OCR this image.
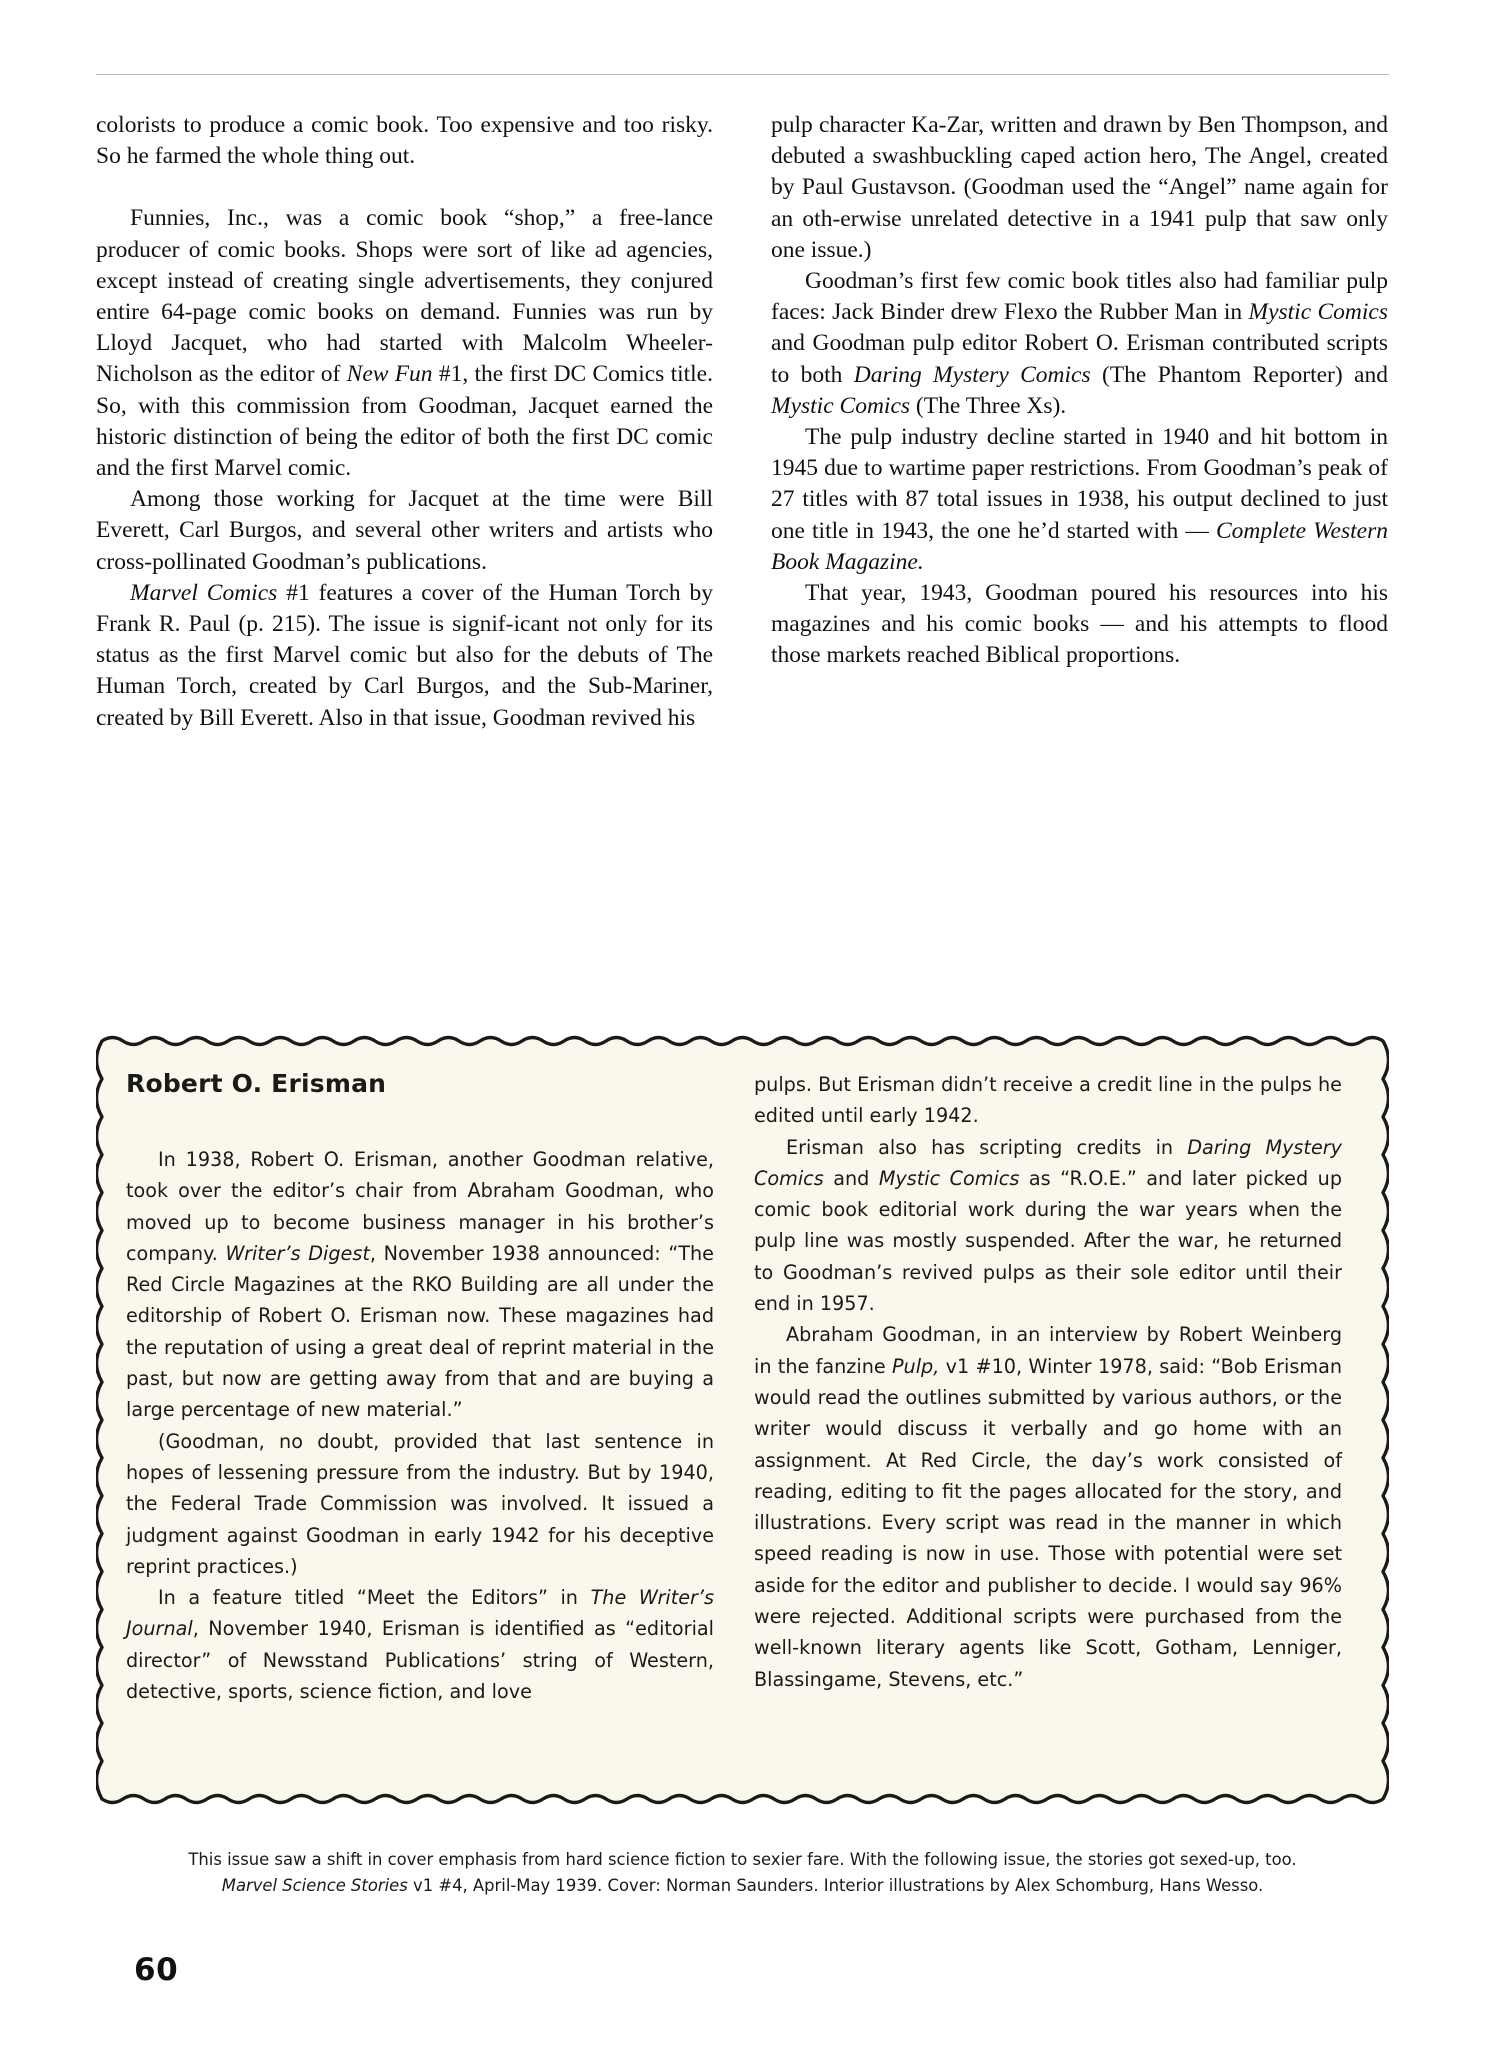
colorists to produce a comic book. Too expensive and too risky. So he farmed the whole thing out.

Funnies, Inc., was a comic book “shop,” a free-lance producer of comic books. Shops were sort of like ad agencies, except instead of creating single advertisements, they conjured entire 64-page comic books on demand. Funnies was run by Lloyd Jacquet, who had started with Malcolm Wheeler-Nicholson as the editor of New Fun #1, the first DC Comics title. So, with this commission from Goodman, Jacquet earned the historic distinction of being the editor of both the first DC comic and the first Marvel comic.

Among those working for Jacquet at the time were Bill Everett, Carl Burgos, and several other writers and artists who cross-pollinated Goodman’s publications.

Marvel Comics #1 features a cover of the Human Torch by Frank R. Paul (p. 215). The issue is signif-icant not only for its status as the first Marvel comic but also for the debuts of The Human Torch, created by Carl Burgos, and the Sub-Mariner, created by Bill Everett. Also in that issue, Goodman revived his

pulp character Ka-Zar, written and drawn by Ben Thompson, and debuted a swashbuckling caped action hero, The Angel, created by Paul Gustavson. (Goodman used the “Angel” name again for an oth-erwise unrelated detective in a 1941 pulp that saw only one issue.)

Goodman’s first few comic book titles also had familiar pulp faces: Jack Binder drew Flexo the Rubber Man in Mystic Comics and Goodman pulp editor Robert O. Erisman contributed scripts to both Daring Mystery Comics (The Phantom Reporter) and Mystic Comics (The Three Xs).

The pulp industry decline started in 1940 and hit bottom in 1945 due to wartime paper restrictions. From Goodman’s peak of 27 titles with 87 total issues in 1938, his output declined to just one title in 1943, the one he’d started with — Complete Western Book Magazine.

That year, 1943, Goodman poured his resources into his magazines and his comic books — and his attempts to flood those markets reached Biblical proportions.

Robert O. Erisman

In 1938, Robert O. Erisman, another Goodman relative, took over the editor’s chair from Abraham Goodman, who moved up to become business manager in his brother’s company. Writer’s Digest, November 1938 announced: “The Red Circle Magazines at the RKO Building are all under the editorship of Robert O. Erisman now. These magazines had the reputation of using a great deal of reprint material in the past, but now are getting away from that and are buying a large percentage of new material.”

(Goodman, no doubt, provided that last sentence in hopes of lessening pressure from the industry. But by 1940, the Federal Trade Commission was involved. It issued a judgment against Goodman in early 1942 for his deceptive reprint practices.)

In a feature titled “Meet the Editors” in The Writer’s Journal, November 1940, Erisman is identified as “editorial director” of Newsstand Publications’ string of Western, detective, sports, science fiction, and love

pulps. But Erisman didn’t receive a credit line in the pulps he edited until early 1942.

Erisman also has scripting credits in Daring Mystery Comics and Mystic Comics as “R.O.E.” and later picked up comic book editorial work during the war years when the pulp line was mostly suspended. After the war, he returned to Goodman’s revived pulps as their sole editor until their end in 1957.

Abraham Goodman, in an interview by Robert Weinberg in the fanzine Pulp, v1 #10, Winter 1978, said: “Bob Erisman would read the outlines submitted by various authors, or the writer would discuss it verbally and go home with an assignment. At Red Circle, the day’s work consisted of reading, editing to fit the pages allocated for the story, and illustrations. Every script was read in the manner in which speed reading is now in use. Those with potential were set aside for the editor and publisher to decide. I would say 96% were rejected. Additional scripts were purchased from the well-known literary agents like Scott, Gotham, Lenniger, Blassingame, Stevens, etc.”

This issue saw a shift in cover emphasis from hard science fiction to sexier fare. With the following issue, the stories got sexed-up, too.
Marvel Science Stories v1 #4, April-May 1939. Cover: Norman Saunders. Interior illustrations by Alex Schomburg, Hans Wesso.
60
